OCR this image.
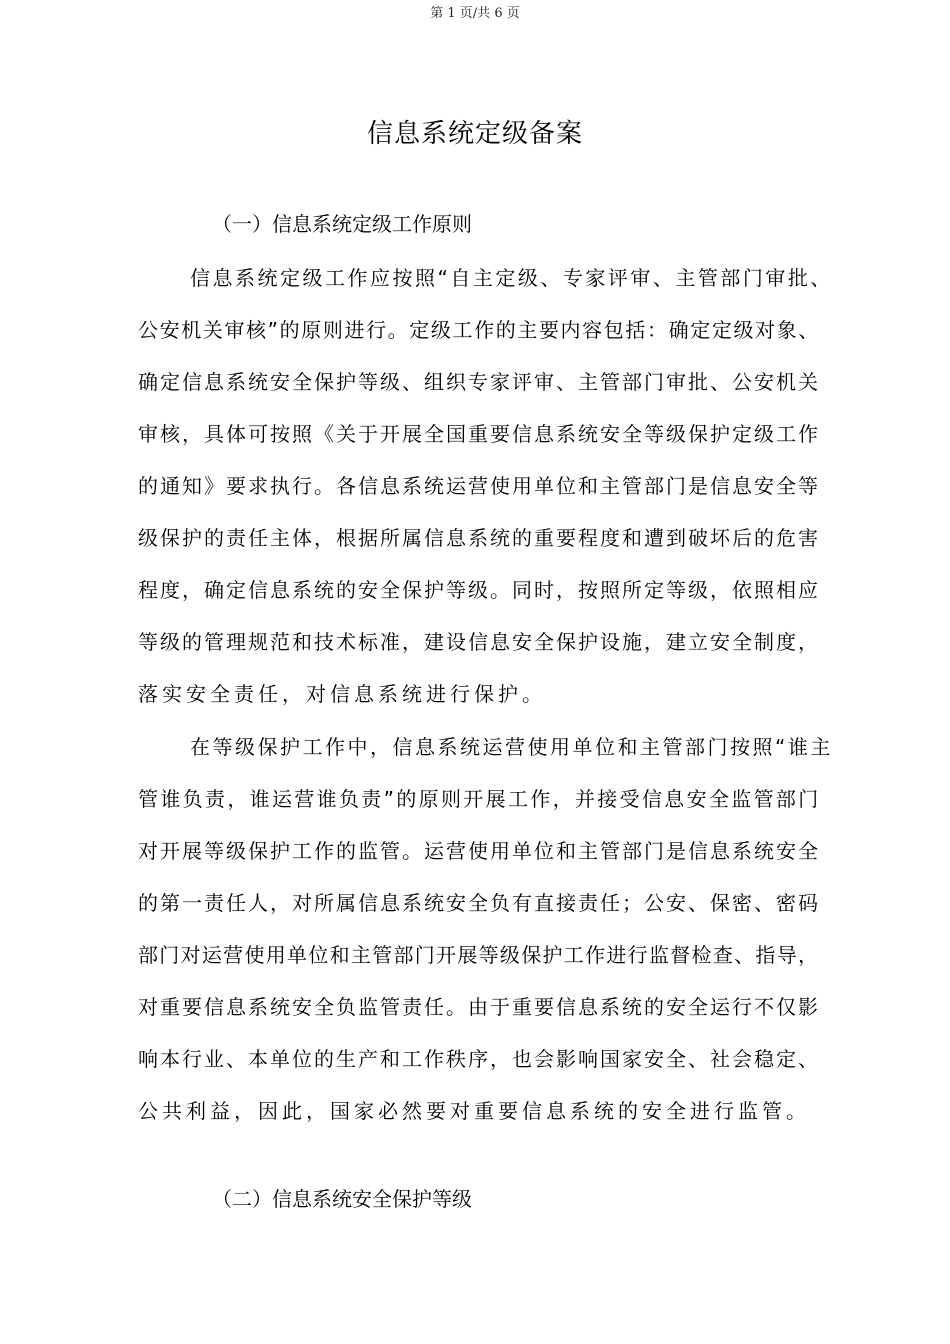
第 1 页/共 6 页
信息系统定级备案
（一）信息系统定级工作原则
信息系统定级工作应按照“自主定级、专家评审、主管部门审批、
公安机关审核”的原则进行。定级工作的主要内容包括：确定定级对象、
确定信息系统安全保护等级、组织专家评审、主管部门审批、公安机关
审核，具体可按照《关于开展全国重要信息系统安全等级保护定级工作
的通知》要求执行。各信息系统运营使用单位和主管部门是信息安全等
级保护的责任主体，根据所属信息系统的重要程度和遭到破坏后的危害
程度，确定信息系统的安全保护等级。同时，按照所定等级，依照相应
等级的管理规范和技术标准，建设信息安全保护设施，建立安全制度，
落实安全责任，对信息系统进行保护。
在等级保护工作中，信息系统运营使用单位和主管部门按照“谁主
管谁负责，谁运营谁负责”的原则开展工作，并接受信息安全监管部门
对开展等级保护工作的监管。运营使用单位和主管部门是信息系统安全
的第一责任人，对所属信息系统安全负有直接责任；公安、保密、密码
部门对运营使用单位和主管部门开展等级保护工作进行监督检查、指导，
对重要信息系统安全负监管责任。由于重要信息系统的安全运行不仅影
响本行业、本单位的生产和工作秩序，也会影响国家安全、社会稳定、
公共利益，因此，国家必然要对重要信息系统的安全进行监管。
（二）信息系统安全保护等级
